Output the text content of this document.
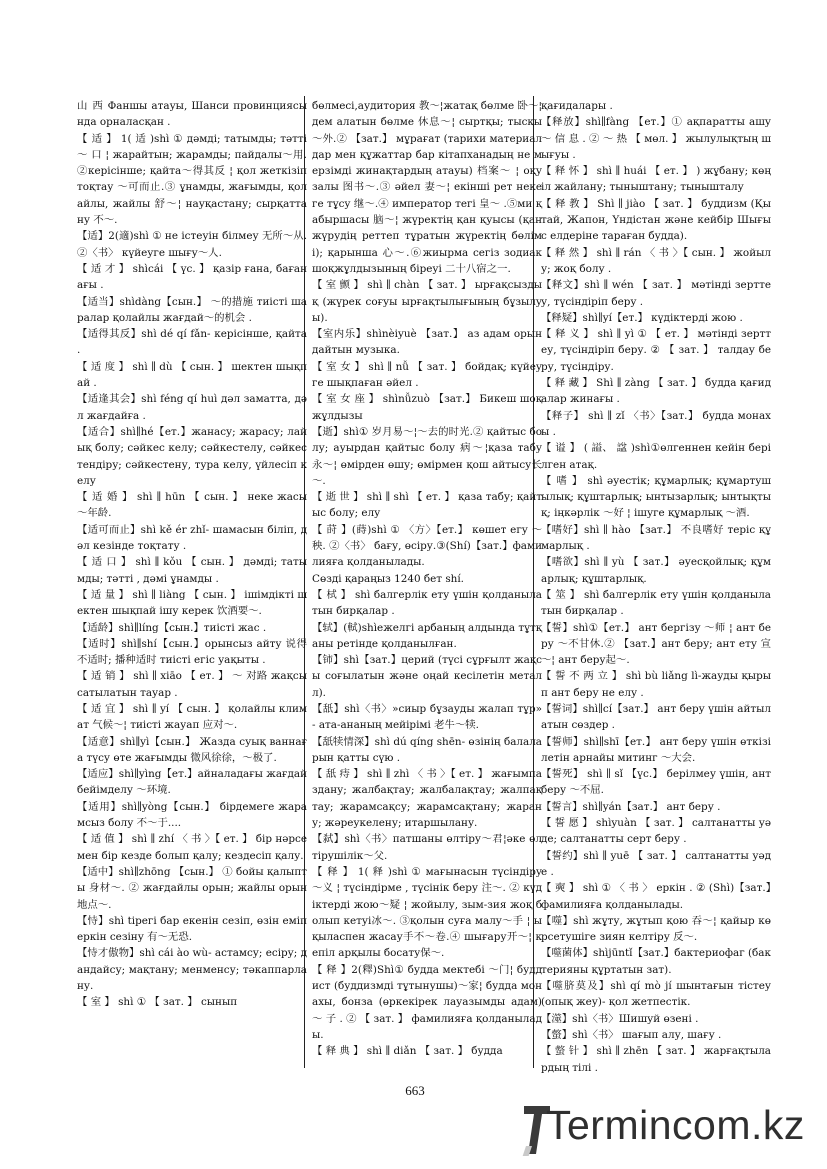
山 西 Фаншы атауы, Шанси провинциясында орналасқан .

【 适 】 1( 适 )shì ① дәмді; татымды; тәтті ～ 口 ¦ жарайтын; жарамды; пайдалы～用.②керісінше; қайта～得其反 ¦ қол жеткізіп тоқтау ～可而止.③ ұнамды, жағымды, қолайлы, жайлы 舒～¦ науқастану; сырқаттану 不～.

【适】2(適)shì ① не істеуін білмеу 无所～从.②〈书〉 күйеуге шығу～人.

【 适 才 】 shìcái 【 үс. 】 қазір ғана, бағанағы .

【适当】shìdàng【сын.】 ～的措施 тиісті шаралар қолайлы жағдай～的机会 .

【适得其反】shì dé qí fǎn- керісінше, қайта .

【 适 度 】 shì ∥ dù 【 сын. 】 шектен шықпай .

【适逢其会】shì féng qí huì дәл заматта, дәл жағдайға .

【适合】shì∥hé【ет.】жанасу; жарасу; лайық болу; сәйкес келу; сәйкестелу, сәйкестендіру; сәйкестену, тура келу, үйлесіп келу

【 适 婚 】 shì ∥ hūn 【 сын. 】 неке жасы ～年龄.

【适可而止】shì kě ér zhǐ- шамасын біліп, дәл кезінде тоқтату .

【 适 口 】 shì ∥ kǒu 【 сын. 】 дәмді; татымды; тәтті , дәмі ұнамды .

【 适 量 】 shì ∥ liàng 【 сын. 】 ішімдікті шектен шықпай ішу керек 饮酒要～.

【适龄】shì∥líng【сын.】тиісті жас .

【适时】shì∥shí【сын.】орынсыз айту 说得不适时; 播种适时 тиісті егіс уақыты .

【 适 销 】 shì ∥ xiāo 【 ет. 】 ～ 对路 жақсы сатылатын тауар .

【 适 宜 】 shì ∥ yí 【 сын. 】 қолайлы климат 气候～¦ тиісті жауап 应对～.

【适意】shì∥yì【сын.】 Жазда суық ваннаға түсу өте жағымды 微风徐徐，～极了.

【适应】shì∥yìng【ет.】айналадағы жағдай бейімделу ～环境.

【适用】shì∥yòng【сын.】 бірдемеге жарамсыз болу 不～于....

【 适 值 】 shì ∥ zhí 〈 书 〉【 ет. 】 бір нәрсемен бір кезде болып қалу; кездесіп қалу.

【适中】shì∥zhōng 【сын.】 ① бойы қалыпты 身材～. ② жағдайлы орын; жайлы орын 地点～.

【恃】shì tірегі бар екенін сезіп, өзін еміп еркін сезіну 有～无恐.

【恃才傲物】shì cái ào wù- астамсу; есіру; дандайсу; мақтану; менменсу; тәкаппарлану.

【 室 】 shì ① 【 зат. 】 сынып

бөлмесі,аудитория 教～¦жатақ бөлме 卧～¦ дем алатын бөлме 休息～¦ сыртқы; тысқы～外.② 【зат.】 мұрағат (тарихи материалдар мен құжаттар бар кітапханадың не мерзімді жинақтардың атауы) 档案～ ¦ оқу залы 图书～.③ әйел 妻～¦ екінші рет неке ге тұсу 继～.④ император тегі 皇～ .⑤ми қабыршасы 脑～¦ жүректің қан қуысы (қан жүрудің реттеп тұратын жүректің бөлімі); қарынша 心～.⑥жиырма сегіз зодиак шоқжұлдызының біреуі 二十八宿之一.

【 室 颤 】 shì ∥ chàn 【 зат. 】 ырғақсыздық (жүрек соғуы ырғақтылығының бұзылуы).

【室内乐】shìnèiyuè 【зат.】 аз адам орындайтын музыка.

【 室 女 】 shì ∥ nǚ 【 зат. 】 бойдақ; күйеуге шықпаған әйел .

【 室 女 座 】 shìnǚzuò 【зат.】 Бикеш шоқжұлдызы

【逝】shì① 岁月易～¦～去的时光.② қайтыс болу; ауырдан қайтыс болу 病～¦қаза табу 永～¦ өмірден өшу; өмірмен қош айтысу长～.

【 逝 世 】 shì ∥ shì 【 ет. 】 қаза табу; қайтыс болу; елу

【 莳 】(蒔)shì ① 〈方〉【ет.】 көшет егу ～秧. ②〈书〉 бағу, өсіру.③(Shí)【зат.】фамилияға қолданылады.

Сөзді қараңыз 1240 бет shí.

【 栻 】 shì балгерлік ету үшін қолданылатын бирқалар .

【轼】(軾)shìежелгі арбаның алдында тұтқаны ретінде қолданылған.

【铈】shì【зат.】церий (түсі сұрғылт жақсы соғылатын және оңай кесілетін металл).

【舐】shì〈书〉»сиыр бұзауды жалап тұр» - ата-ананың мейірімі 老牛～犊.

【舐犊情深】shì dú qíng shēn- өзінің балаларын қатты сүю .

【 舐 痔 】 shì ∥ zhì 〈 书 〉【 ет. 】 жағымпаздану; жалбақтау; жалбалақтау; жалпақтау; жарамсақсу; жарамсақтану; жарану; жәреукелену; итаршылану.

【弑】shì〈书〉патшаны өлтіру～君¦әке өлтірушілік～父.

【 释 】 1( 释 )shì ① мағынасын түсіндіру～义 ¦ түсіндірме , түсінік беру 注～. ② күдіктерді жою～疑 ¦ жойылу, зым-зия жоқ болып кетуі冰～. ③қолын суға малу～手 ¦ ықыласпен жасау手不～卷.④ шығару开～¦ кепіл арқылы босату保～.

【 释 】2(釋)Shì① будда мектебі ～门¦ буддист (буддизмді тұтынушы)～家¦ будда монахы, бонза (өркекірек лауазымды адам) ～ 子 . ② 【 зат. 】 фамилияға қолданылады.

【 释 典 】 shì ∥ diǎn 【 зат. 】 будда

қағидалары .

【释放】shì∥fàng 【ет.】① ақпаратты ашу ～ 信 息 . ② ～ 热 【 мөл. 】 жылулықтың шығуы .

【 释 怀 】 shì ∥ huái 【 ет. 】 ) жұбану; көңіл жайлану; тыныштану; тынышталу

【 释 教 】 Shì ∥ jiào 【 зат. 】 буддизм (Қытай, Жапон, Үндістан және кейбір Шығыс елдеріне тараған будда).

【 释 然 】 shì ∥ rán 〈 书 〉【 сын. 】 жойылу; жоқ болу .

【释文】shì ∥ wén 【 зат. 】 мәтінді зерттеу, түсіндіріп беру .

【释疑】shì∥yí【ет.】 күдіктерді жою .

【 释 义 】 shì ∥ yì ① 【 ет. 】 мәтінді зерттеу, түсіндіріп беру. ② 【 зат. 】 талдау беру, түсіндіру.

【 释 藏 】 Shì ∥ zàng 【 зат. 】 будда қағидалар жинағы .

【释子】 shì ∥ zǐ 〈书〉【зат.】 будда монахы .

【 谥 】 ( 謚、 諡 )shì①өлгеннен кейін берілген атақ.

【 嗜 】 shì әуестік; құмарлық; құмартушылық; құштарлық; ынтызарлық; ынтықтық; іңкәрлік ～好 ¦ ішуге құмарлық ～酒.

【嗜好】shì ∥ hào 【зат.】 不良嗜好 теріс құмарлық .

【嗜欲】shì ∥ yù 【 зат.】 әуесқойлық; құмарлық; құштарлық.

【 筮 】 shì балгерлік ету үшін қолданылатын бирқалар .

【誓】shì①【ет.】 ант бергізу ～师 ¦ ант беру ～不甘休.② 【зат.】ант беру; ант ету 宣～¦ ант беру起～.

【 誓 不 两 立 】 shì bù liǎng lì-жауды қырып ант беру не елу .

【誓词】shì∥cí【зат.】 ант беру үшін айтылатын сөздер .

【誓师】shì∥shī【ет.】 ант беру үшін өткізілетін арнайы митинг ～大会.

【誓死】 shì ∥ sǐ 【үс.】 берілмеу үшін, ант беру ～不屈.

【誓言】shì∥yán【зат.】 ант беру .

【 誓 愿 】 shìyuàn 【 зат. 】 салтанатты уәде; салтанатты серт беру .

【誓约】shì ∥ yuē 【 зат. 】 салтанатты уәде .

【 奭 】 shì ① 〈 书 〉 еркін . ② (Shì)【зат.】фамилияға қолданылады.

【噬】shì жұту, жұтып қою 吞～¦ қайыр көрсетушіге зиян келтіру 反～.

【噬菌体】shìjūntǐ【зат.】бактериофаг (бактерияны құртатын зат).

【噬脐莫及】shì qí mò jí шынтағын тістеу (опық жеу)- қол жетпестік.

【澨】shì〈书〉Шишуй өзені .

【螫】shì〈书〉 шағып алу, шағу .

【 螫 针 】 shì ∥ zhēn 【 зат. 】 жарғақтылардың тілі .

663
Termincom.kz
